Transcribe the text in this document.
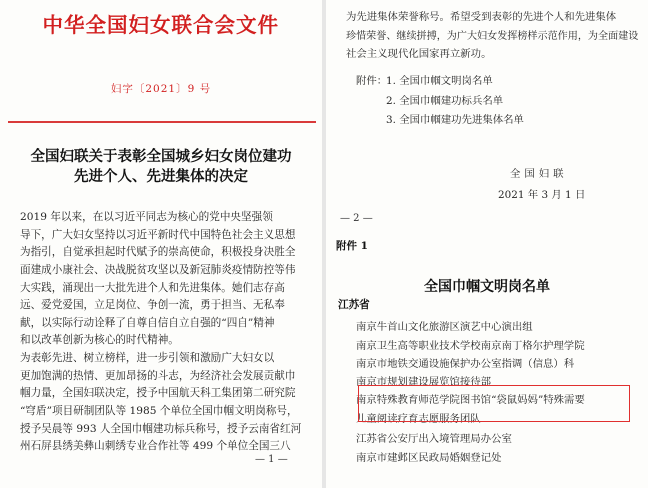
中华全国妇女联合会文件
妇字〔2021〕9 号
全国妇联关于表彰全国城乡妇女岗位建功
先进个人、先进集体的决定
2019 年以来，在以习近平同志为核心的党中央坚强领
导下，广大妇女坚持以习近平新时代中国特色社会主义思想
为指引，自觉承担起时代赋予的崇高使命，积极投身决胜全
面建成小康社会、决战脱贫攻坚以及新冠肺炎疫情防控等伟
大实践，涌现出一大批先进个人和先进集体。她们志存高
远、爱党爱国，立足岗位、争创一流，勇于担当、无私奉
献，以实际行动诠释了自尊自信自立自强的“四自”精神
和以改革创新为核心的时代精神。
为表彰先进、树立榜样，进一步引领和激励广大妇女以
更加饱满的热情、更加昂扬的斗志，为经济社会发展贡献巾
帼力量，全国妇联决定，授予中国航天科工集团第二研究院
“穹盾”项目研制团队等 1985 个单位全国巾帼文明岗称号，
授予吴晨等 993 人全国巾帼建功标兵称号，授予云南省红河
州石屏县绣美彝山刺绣专业合作社等 499 个单位全国三八
— 1 —
为先进集体荣誉称号。希望受到表彰的先进个人和先进集体
珍惜荣誉、继续拼搏，为广大妇女发挥榜样示范作用，为全面建设
社会主义现代化国家再立新功。
附件：
1. 全国巾帼文明岗名单
2. 全国巾帼建功标兵名单
3. 全国巾帼建功先进集体名单
全国妇联
2021 年 3 月 1 日
— 2 —
附件 1
全国巾帼文明岗名单
江苏省
南京牛首山文化旅游区演艺中心演出组
南京卫生高等职业技术学校南京南丁格尔护理学院
南京市地铁交通设施保护办公室指调（信息）科
南京市规划建设展览馆接待部
南京特殊教育师范学院图书馆“袋鼠妈妈”特殊需要
儿童阅读疗育志愿服务团队
江苏省公安厅出入境管理局办公室
南京市建邺区民政局婚姻登记处
